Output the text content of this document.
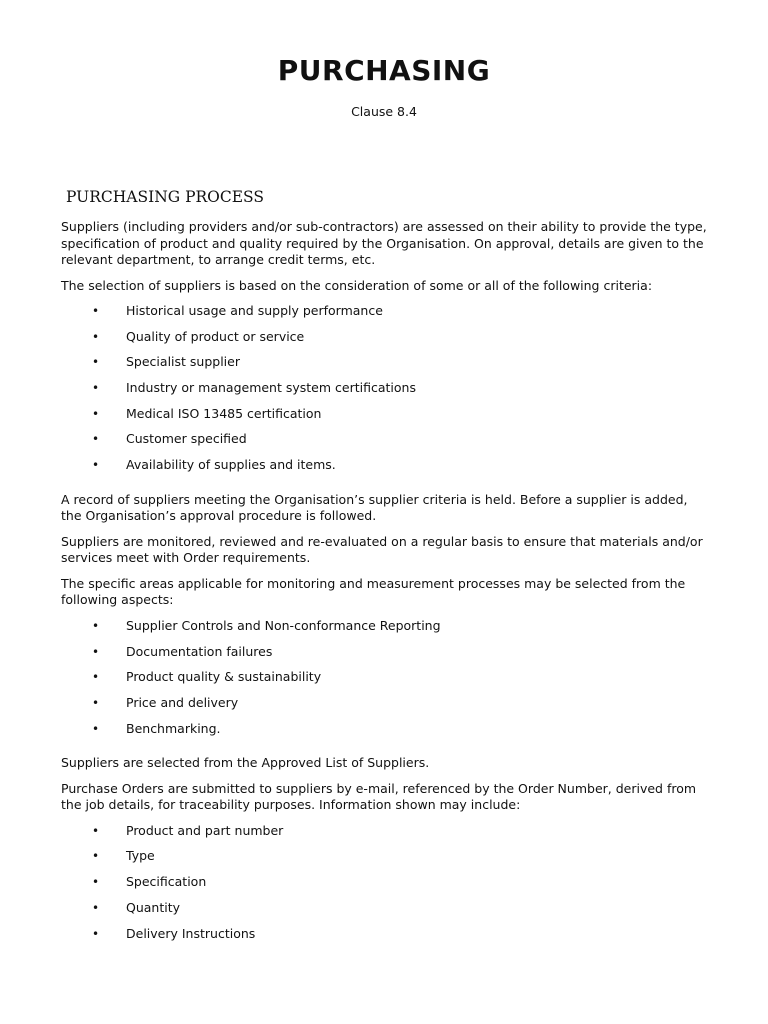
PURCHASING
Clause 8.4
PURCHASING PROCESS

Suppliers (including providers and/or sub-contractors) are assessed on their ability to provide the type, specification of product and quality required by the Organisation. On approval, details are given to the relevant department, to arrange credit terms, etc.

The selection of suppliers is based on the consideration of some or all of the following criteria:

• Historical usage and supply performance
• Quality of product or service
• Specialist supplier
• Industry or management system certifications
• Medical ISO 13485 certification
• Customer specified
• Availability of supplies and items.

A record of suppliers meeting the Organisation’s supplier criteria is held. Before a supplier is added, the Organisation’s approval procedure is followed.

Suppliers are monitored, reviewed and re-evaluated on a regular basis to ensure that materials and/or services meet with Order requirements.

The specific areas applicable for monitoring and measurement processes may be selected from the following aspects:

• Supplier Controls and Non-conformance Reporting
• Documentation failures
• Product quality & sustainability
• Price and delivery
• Benchmarking.

Suppliers are selected from the Approved List of Suppliers.

Purchase Orders are submitted to suppliers by e-mail, referenced by the Order Number, derived from the job details, for traceability purposes. Information shown may include:

• Product and part number
• Type
• Specification
• Quantity
• Delivery Instructions
